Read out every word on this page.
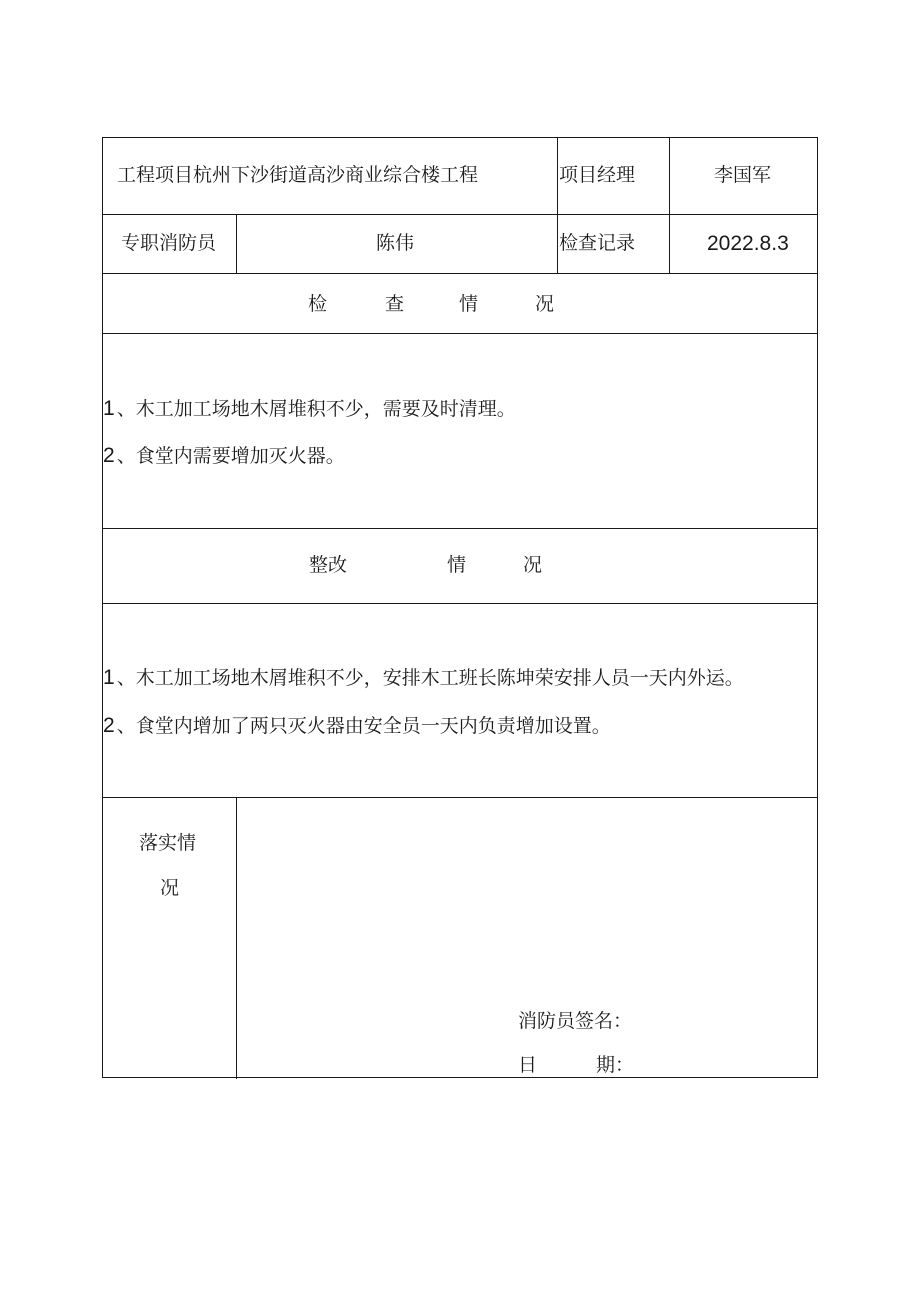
工程项目杭州下沙街道高沙商业综合楼工程	项目经理	李国军
专职消防员	陈伟	检查记录	2022.8.3
检	查	情	况
1 、木工加工场地木屑堆积不少，需要及时清理。
2 、食堂内需要增加灭火器。
整改	情	况
1 、木工加工场地木屑堆积不少，安排木工班长陈坤荣安排人员一天内外运。
2 、食堂内增加了两只灭火器由安全员一天内负责增加设置。
落实情
况
消防员签名：
日	期：
